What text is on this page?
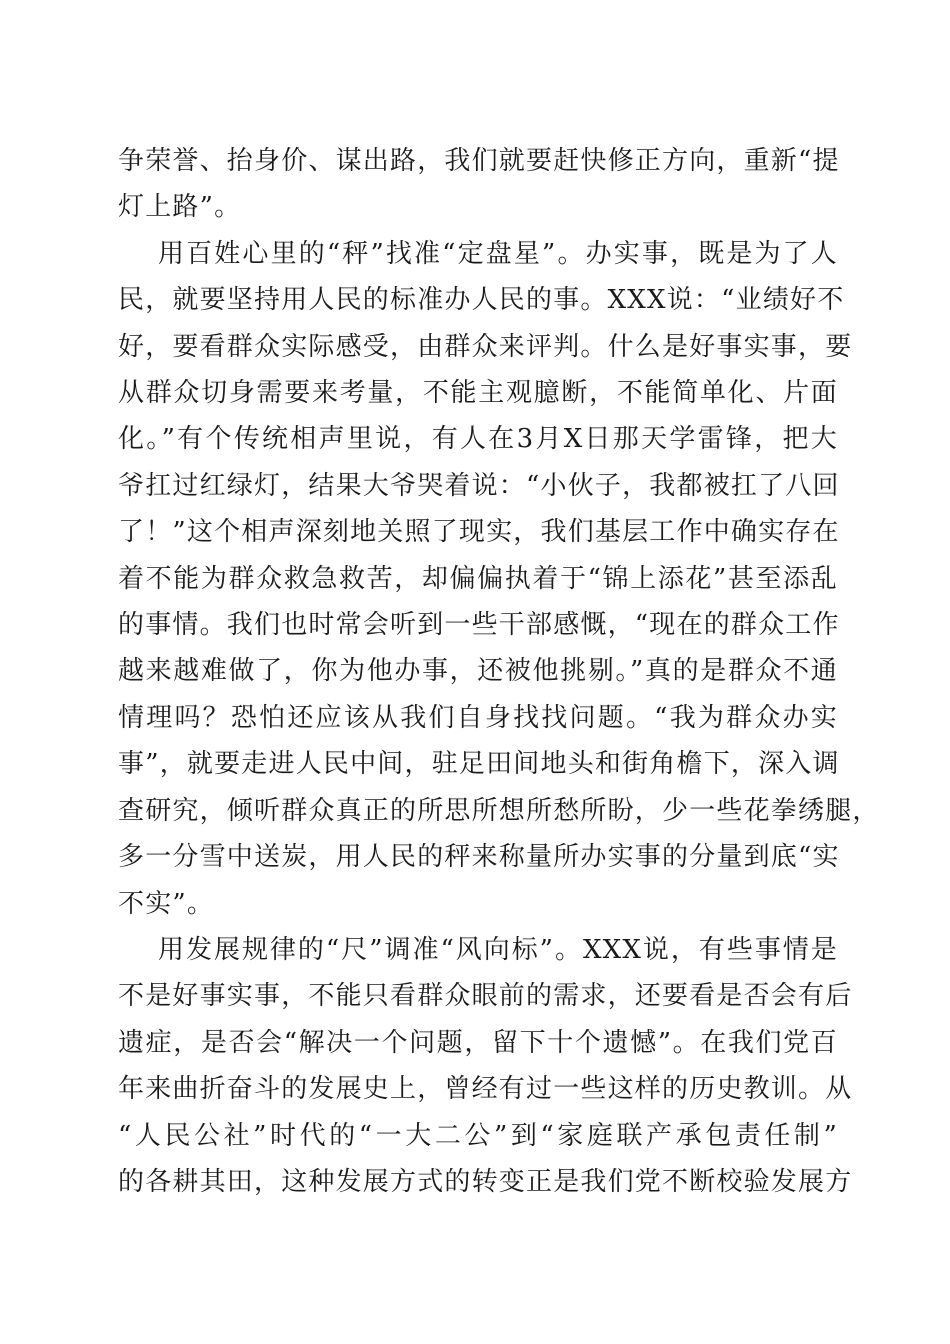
争荣誉、抬身价、谋出路，我们就要赶快修正方向，重新“提
灯上路”。
用百姓心里的“秤”找准“定盘星”。办实事，既是为了人
民，就要坚持用人民的标准办人民的事。XXX说：“业绩好不
好，要看群众实际感受，由群众来评判。什么是好事实事，要
从群众切身需要来考量，不能主观臆断，不能简单化、片面
化。”有个传统相声里说，有人在3月X日那天学雷锋，把大
爷扛过红绿灯，结果大爷哭着说：“小伙子，我都被扛了八回
了！”这个相声深刻地关照了现实，我们基层工作中确实存在
着不能为群众救急救苦，却偏偏执着于“锦上添花”甚至添乱
的事情。我们也时常会听到一些干部感慨，“现在的群众工作
越来越难做了，你为他办事，还被他挑剔。”真的是群众不通
情理吗？恐怕还应该从我们自身找找问题。“我为群众办实
事”，就要走进人民中间，驻足田间地头和街角檐下，深入调
查研究，倾听群众真正的所思所想所愁所盼，少一些花拳绣腿，
多一分雪中送炭，用人民的秤来称量所办实事的分量到底“实
不实”。
用发展规律的“尺”调准“风向标”。XXX说，有些事情是
不是好事实事，不能只看群众眼前的需求，还要看是否会有后
遗症，是否会“解决一个问题，留下十个遗憾”。在我们党百
年来曲折奋斗的发展史上，曾经有过一些这样的历史教训。从
“人民公社”时代的“一大二公”到“家庭联产承包责任制”
的各耕其田，这种发展方式的转变正是我们党不断校验发展方
